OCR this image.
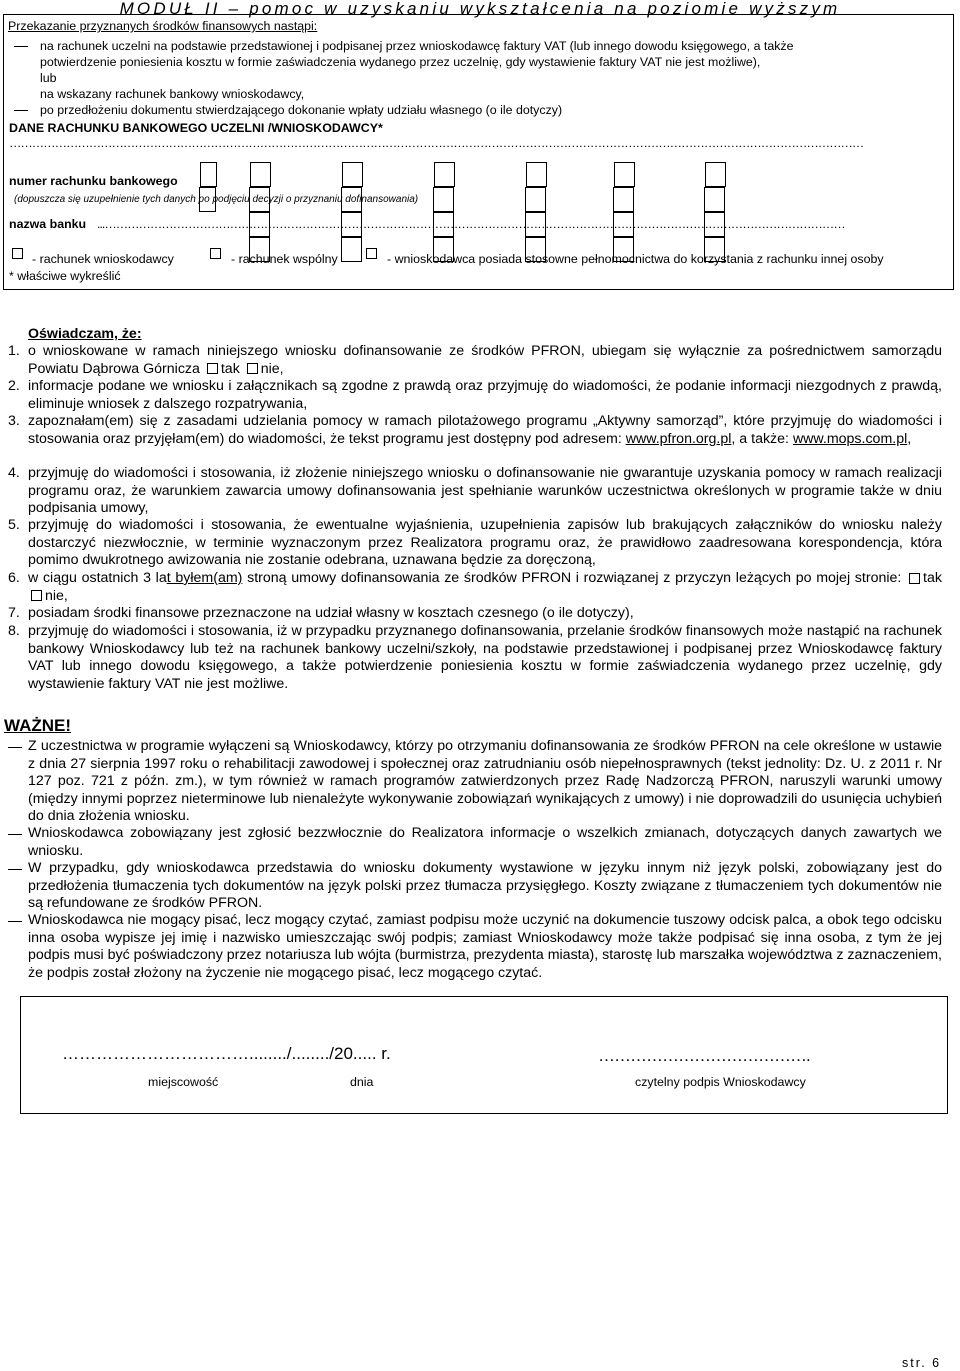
MODUŁ II – pomoc w uzyskaniu wykształcenia na poziomie wyższym
Przekazanie przyznanych środków finansowych nastąpi:
na rachunek uczelni na podstawie przedstawionej i podpisanej przez wnioskodawcę faktury VAT (lub innego dowodu księgowego, a także
potwierdzenie poniesienia kosztu w formie zaświadczenia wydanego przez uczelnię, gdy wystawienie faktury VAT nie jest możliwe),
lub
na wskazany rachunek bankowy wnioskodawcy,
po przedłożeniu dokumentu stwierdzającego dokonanie wpłaty udziału własnego (o ile dotyczy)
DANE RACHUNKU BANKOWEGO UCZELNI /WNIOSKODAWCY*
………………………………………………………………………………………………………………………………………………………………………………………………………
numer rachunku bankowego
(dopuszcza się uzupełnienie tych danych po podjęciu decyzji o przyznaniu dofinansowania)
nazwa banku ...……………………………………………………………………………………………………………………………………………………………………………
- rachunek wnioskodawcy	- rachunek wspólny	- wnioskodawca posiada stosowne pełnomocnictwa do korzystania z rachunku innej osoby
* właściwe wykreślić
Oświadczam, że:
1. o wnioskowane w ramach niniejszego wniosku dofinansowanie ze środków PFRON, ubiegam się wyłącznie za pośrednictwem samorządu Powiatu Dąbrowa Górnicza tak nie,
2. informacje podane we wniosku i załącznikach są zgodne z prawdą oraz przyjmuję do wiadomości, że podanie informacji niezgodnych z prawdą, eliminuje wniosek z dalszego rozpatrywania,
3. zapoznałam(em) się z zasadami udzielania pomocy w ramach pilotażowego programu „Aktywny samorząd”, które przyjmuję do wiadomości i stosowania oraz przyjęłam(em) do wiadomości, że tekst programu jest dostępny pod adresem: www.pfron.org.pl, a także: www.mops.com.pl,
4. przyjmuję do wiadomości i stosowania, iż złożenie niniejszego wniosku o dofinansowanie nie gwarantuje uzyskania pomocy w ramach realizacji programu oraz, że warunkiem zawarcia umowy dofinansowania jest spełnianie warunków uczestnictwa określonych w programie także w dniu podpisania umowy,
5. przyjmuję do wiadomości i stosowania, że ewentualne wyjaśnienia, uzupełnienia zapisów lub brakujących załączników do wniosku należy dostarczyć niezwłocznie, w terminie wyznaczonym przez Realizatora programu oraz, że prawidłowo zaadresowana korespondencja, która pomimo dwukrotnego awizowania nie zostanie odebrana, uznawana będzie za doręczoną,
6. w ciągu ostatnich 3 lat byłem(am) stroną umowy dofinansowania ze środków PFRON i rozwiązanej z przyczyn leżących po mojej stronie: tak nie,
7. posiadam środki finansowe przeznaczone na udział własny w kosztach czesnego (o ile dotyczy),
8. przyjmuję do wiadomości i stosowania, iż w przypadku przyznanego dofinansowania, przelanie środków finansowych może nastąpić na rachunek bankowy Wnioskodawcy lub też na rachunek bankowy uczelni/szkoły, na podstawie przedstawionej i podpisanej przez Wnioskodawcę faktury VAT lub innego dowodu księgowego, a także potwierdzenie poniesienia kosztu w formie zaświadczenia wydanego przez uczelnię, gdy wystawienie faktury VAT nie jest możliwe.
WAŻNE!
Z uczestnictwa w programie wyłączeni są Wnioskodawcy, którzy po otrzymaniu dofinansowania ze środków PFRON na cele określone w ustawie z dnia 27 sierpnia 1997 roku o rehabilitacji zawodowej i społecznej oraz zatrudnianiu osób niepełnosprawnych (tekst jednolity: Dz. U. z 2011 r. Nr 127 poz. 721 z późn. zm.), w tym również w ramach programów zatwierdzonych przez Radę Nadzorczą PFRON, naruszyli warunki umowy (między innymi poprzez nieterminowe lub nienależyte wykonywanie zobowiązań wynikających z umowy) i nie doprowadzili do usunięcia uchybień do dnia złożenia wniosku.
Wnioskodawca zobowiązany jest zgłosić bezzwłocznie do Realizatora informacje o wszelkich zmianach, dotyczących danych zawartych we wniosku.
W przypadku, gdy wnioskodawca przedstawia do wniosku dokumenty wystawione w języku innym niż język polski, zobowiązany jest do przedłożenia tłumaczenia tych dokumentów na język polski przez tłumacza przysięgłego. Koszty związane z tłumaczeniem tych dokumentów nie są refundowane ze środków PFRON.
Wnioskodawca nie mogący pisać, lecz mogący czytać, zamiast podpisu może uczynić na dokumencie tuszowy odcisk palca, a obok tego odcisku inna osoba wypisze jej imię i nazwisko umieszczając swój podpis; zamiast Wnioskodawcy może także podpisać się inna osoba, z tym że jej podpis musi być poświadczony przez notariusza lub wójta (burmistrza, prezydenta miasta), starostę lub marszałka województwa z zaznaczeniem, że podpis został złożony na życzenie nie mogącego pisać, lecz mogącego czytać.
……………………………......../......../20..... r.	………………………………….
miejscowość	dnia	czytelny podpis Wnioskodawcy
str. 6
